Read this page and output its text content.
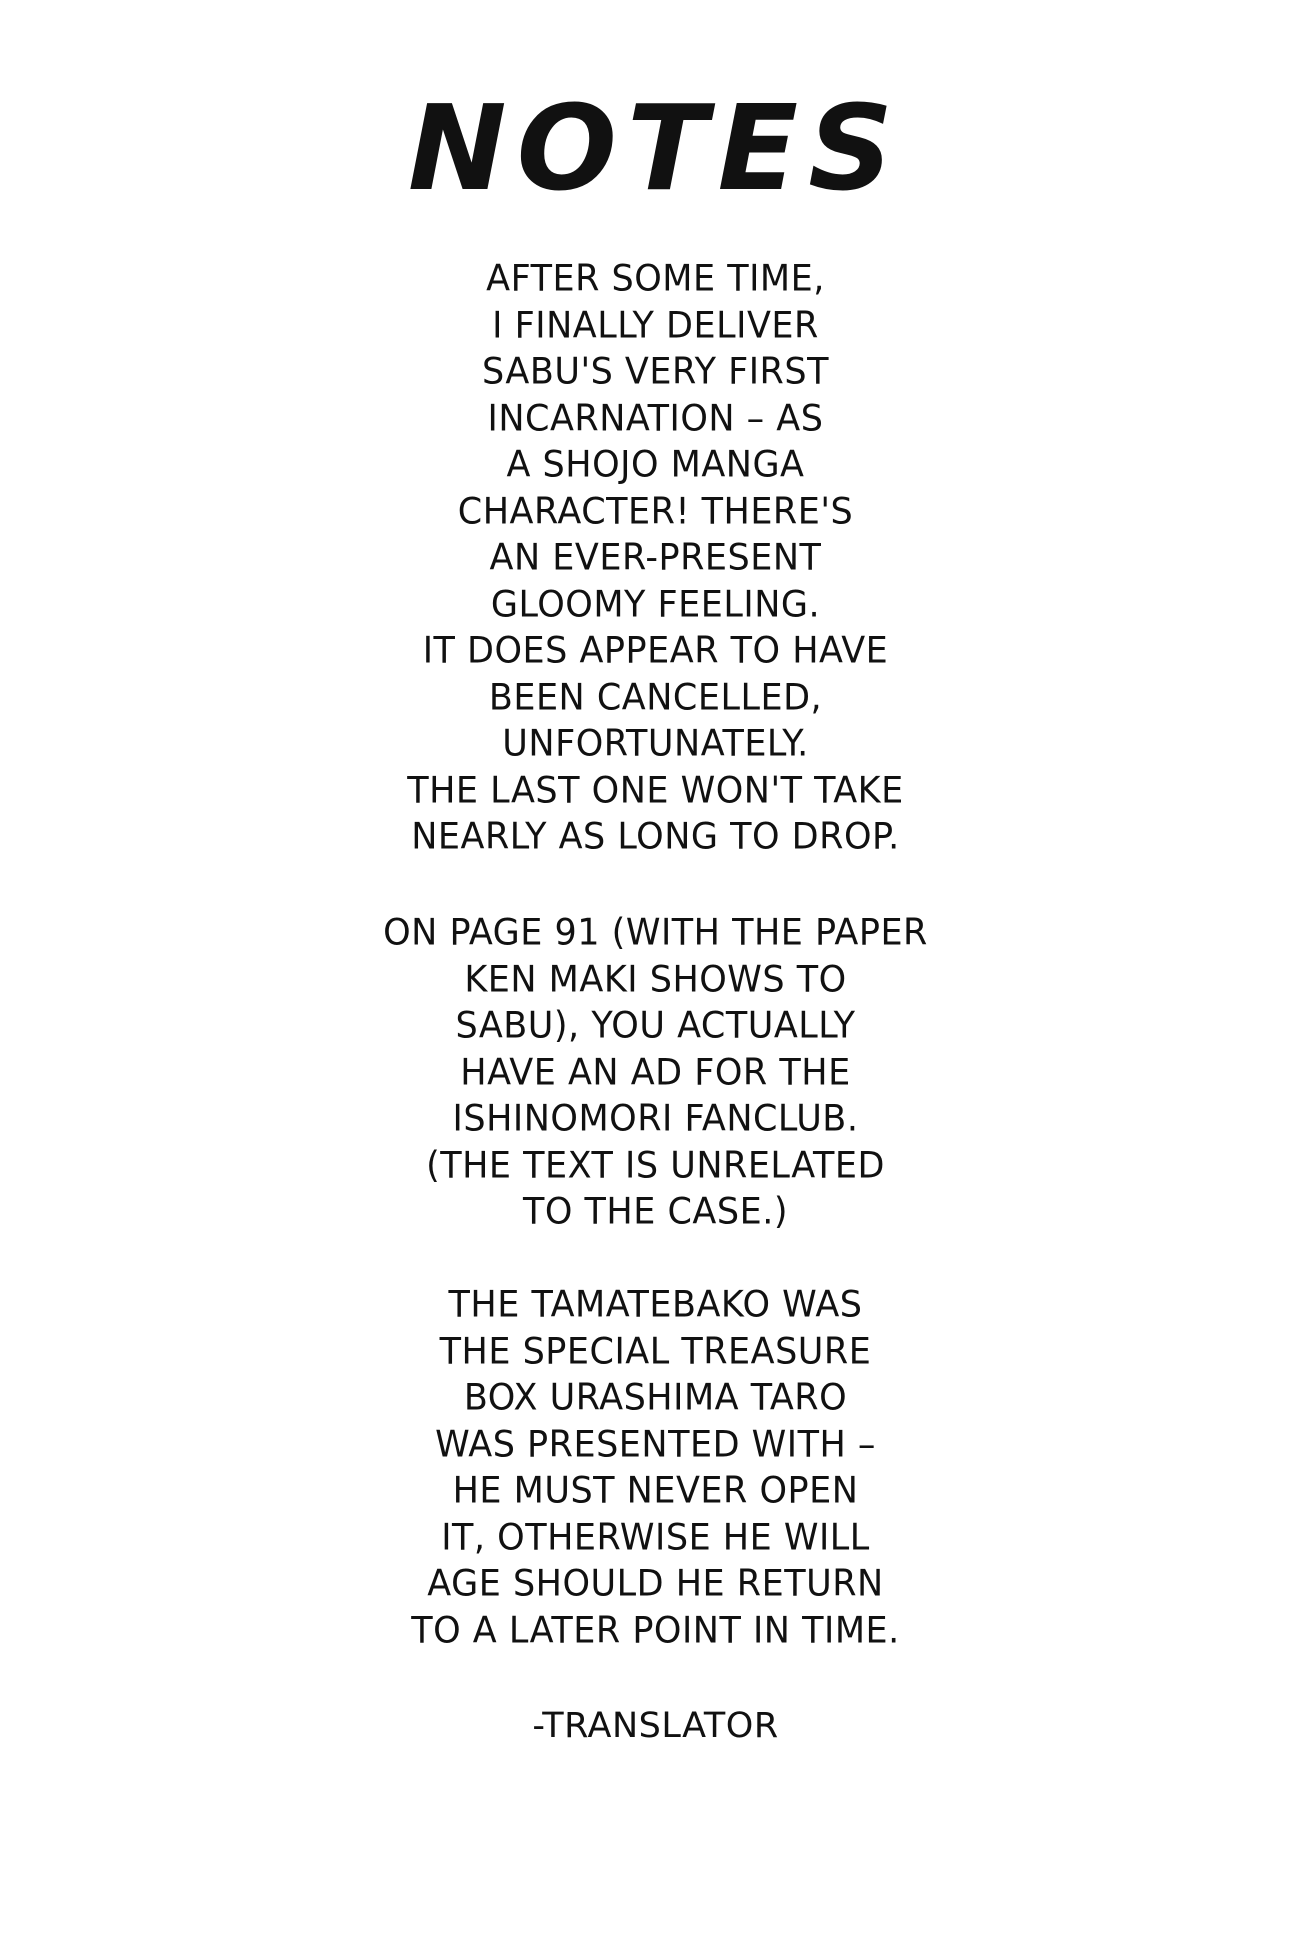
NOTES
AFTER SOME TIME,
I FINALLY DELIVER
SABU'S VERY FIRST
INCARNATION – AS
A SHOJO MANGA
CHARACTER! THERE'S
AN EVER-PRESENT
GLOOMY FEELING.
IT DOES APPEAR TO HAVE
BEEN CANCELLED,
UNFORTUNATELY.
THE LAST ONE WON'T TAKE
NEARLY AS LONG TO DROP.
ON PAGE 91 (WITH THE PAPER
KEN MAKI SHOWS TO
SABU), YOU ACTUALLY
HAVE AN AD FOR THE
ISHINOMORI FANCLUB.
(THE TEXT IS UNRELATED
TO THE CASE.)
THE TAMATEBAKO WAS
THE SPECIAL TREASURE
BOX URASHIMA TARO
WAS PRESENTED WITH –
HE MUST NEVER OPEN
IT, OTHERWISE HE WILL
AGE SHOULD HE RETURN
TO A LATER POINT IN TIME.

-TRANSLATOR
